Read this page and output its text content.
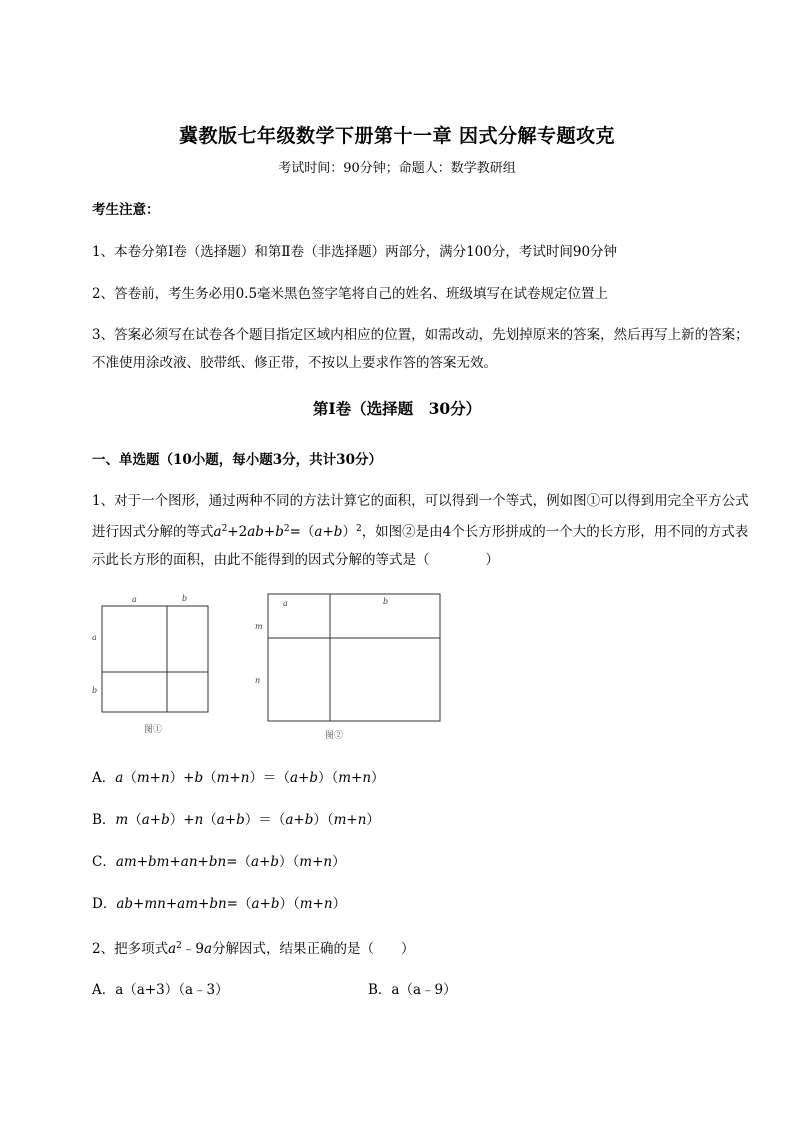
冀教版七年级数学下册第十一章 因式分解专题攻克
考试时间：90分钟；命题人：数学教研组
考生注意：
1、本卷分第I卷（选择题）和第Ⅱ卷（非选择题）两部分，满分100分，考试时间90分钟
2、答卷前，考生务必用0.5毫米黑色签字笔将自己的姓名、班级填写在试卷规定位置上
3、答案必须写在试卷各个题目指定区域内相应的位置，如需改动，先划掉原来的答案，然后再写上新的答案；不准使用涂改液、胶带纸、修正带，不按以上要求作答的答案无效。
第I卷（选择题　30分）
一、单选题（10小题，每小题3分，共计30分）
1、对于一个图形，通过两种不同的方法计算它的面积，可以得到一个等式，例如图①可以得到用完全平方公式进行因式分解的等式$a^2+2ab+b^2=(a+b)^2$，如图②是由4个长方形拼成的一个大的长方形，用不同的方式表示此长方形的面积，由此不能得到的因式分解的等式是（	）
a	b
a
b
图①
a	b
m
n
图②
A．a（m+n）+b（m+n）＝（a+b）（m+n）
B．m（a+b）+n（a+b）＝（a+b）（m+n）
C．am+bm+an+bn=（a+b）（m+n）
D．ab+mn+am+bn=（a+b）（m+n）
2、把多项式$a^2﹣9a$分解因式，结果正确的是（　　）
A．a（a+3）（a﹣3）	B．a（a﹣9）
